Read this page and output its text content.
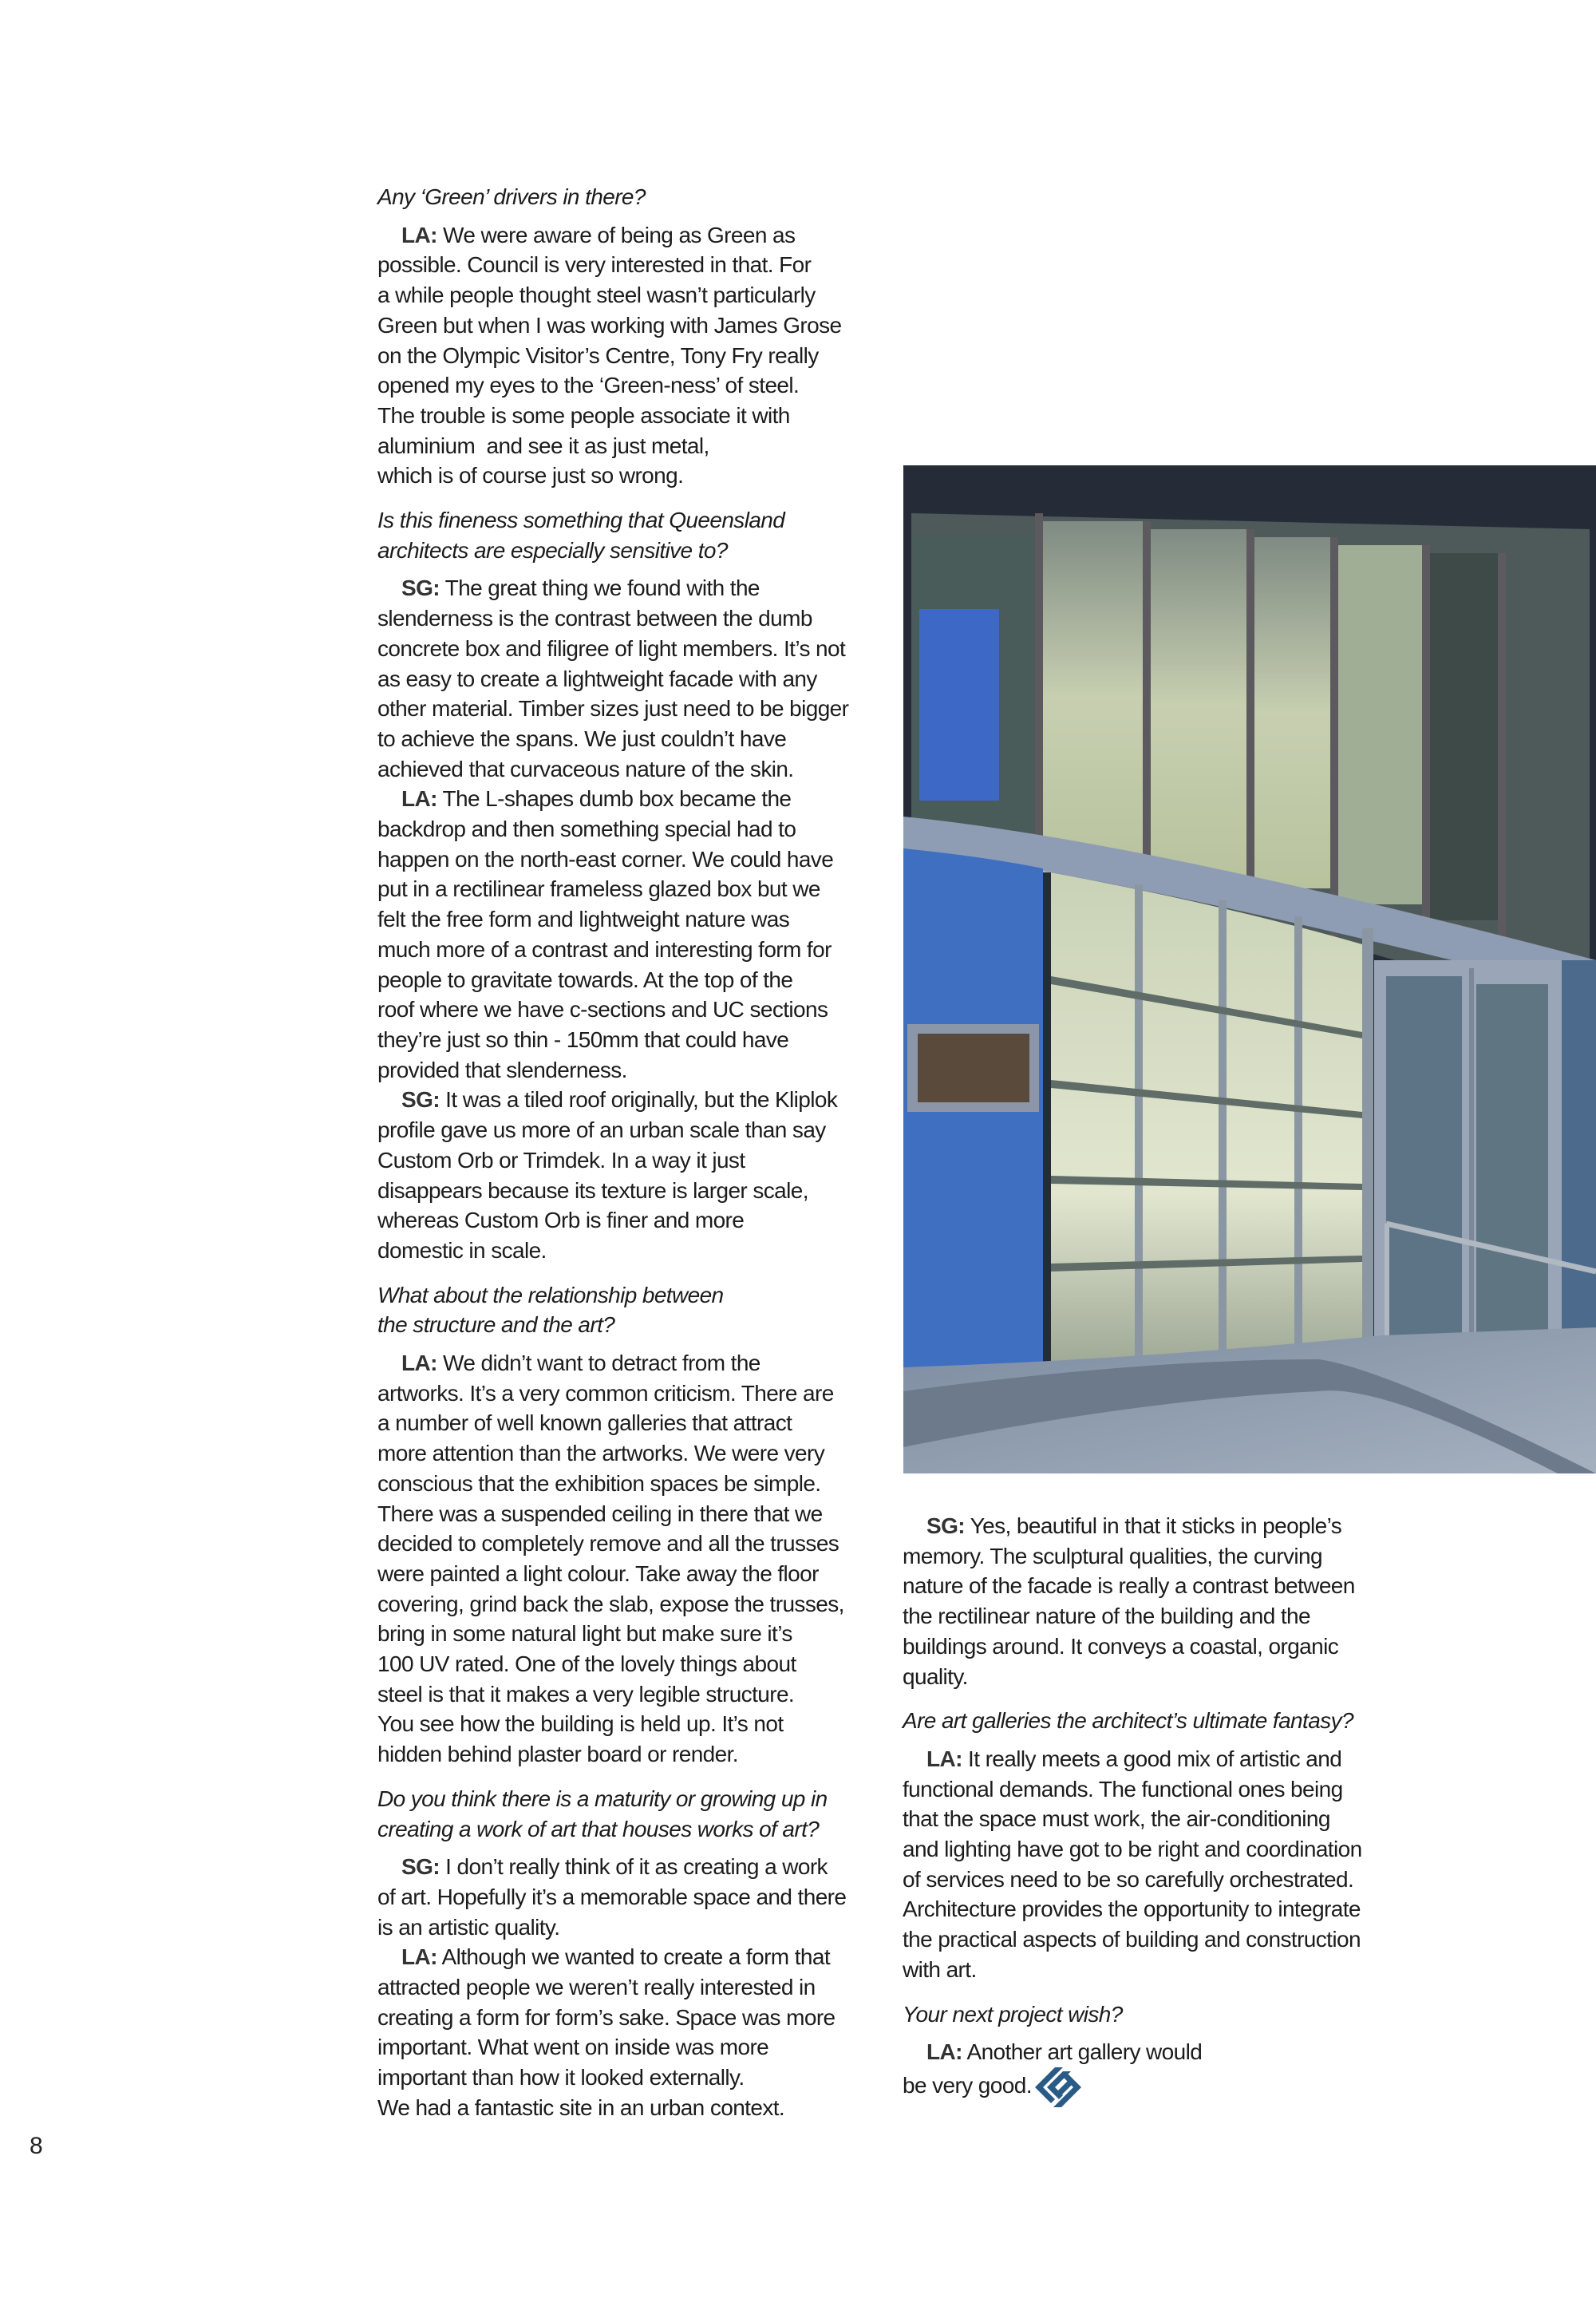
8

Any ‘Green’ drivers in there?

LA: We were aware of being as Green as
possible. Council is very interested in that. For
a while people thought steel wasn’t particularly
Green but when I was working with James Grose
on the Olympic Visitor’s Centre, Tony Fry really
opened my eyes to the ‘Green-ness’ of steel.
The trouble is some people associate it with
aluminium  and see it as just metal,
which is of course just so wrong.

Is this fineness something that Queensland
architects are especially sensitive to?

SG: The great thing we found with the
slenderness is the contrast between the dumb
concrete box and filigree of light members. It’s not
as easy to create a lightweight facade with any
other material. Timber sizes just need to be bigger
to achieve the spans. We just couldn’t have
achieved that curvaceous nature of the skin.

LA: The L-shapes dumb box became the
backdrop and then something special had to
happen on the north-east corner. We could have
put in a rectilinear frameless glazed box but we
felt the free form and lightweight nature was
much more of a contrast and interesting form for
people to gravitate towards. At the top of the
roof where we have c-sections and UC sections
they’re just so thin - 150mm that could have
provided that slenderness.

SG: It was a tiled roof originally, but the Kliplok
profile gave us more of an urban scale than say
Custom Orb or Trimdek. In a way it just
disappears because its texture is larger scale,
whereas Custom Orb is finer and more
domestic in scale.

What about the relationship between
the structure and the art?

LA: We didn’t want to detract from the
artworks. It’s a very common criticism. There are
a number of well known galleries that attract
more attention than the artworks. We were very
conscious that the exhibition spaces be simple.
There was a suspended ceiling in there that we
decided to completely remove and all the trusses
were painted a light colour. Take away the floor
covering, grind back the slab, expose the trusses,
bring in some natural light but make sure it’s
100 UV rated. One of the lovely things about
steel is that it makes a very legible structure.
You see how the building is held up. It’s not
hidden behind plaster board or render.

Do you think there is a maturity or growing up in
creating a work of art that houses works of art?

SG: I don’t really think of it as creating a work
of art. Hopefully it’s a memorable space and there
is an artistic quality.

LA: Although we wanted to create a form that
attracted people we weren’t really interested in
creating a form for form’s sake. Space was more
important. What went on inside was more
important than how it looked externally.
We had a fantastic site in an urban context.

SG: Yes, beautiful in that it sticks in people’s
memory. The sculptural qualities, the curving
nature of the facade is really a contrast between
the rectilinear nature of the building and the
buildings around. It conveys a coastal, organic
quality.

Are art galleries the architect’s ultimate fantasy?

LA: It really meets a good mix of artistic and
functional demands. The functional ones being
that the space must work, the air-conditioning
and lighting have got to be right and coordination
of services need to be so carefully orchestrated.
Architecture provides the opportunity to integrate
the practical aspects of building and construction
with art.

Your next project wish?

LA: Another art gallery would
be very good.
